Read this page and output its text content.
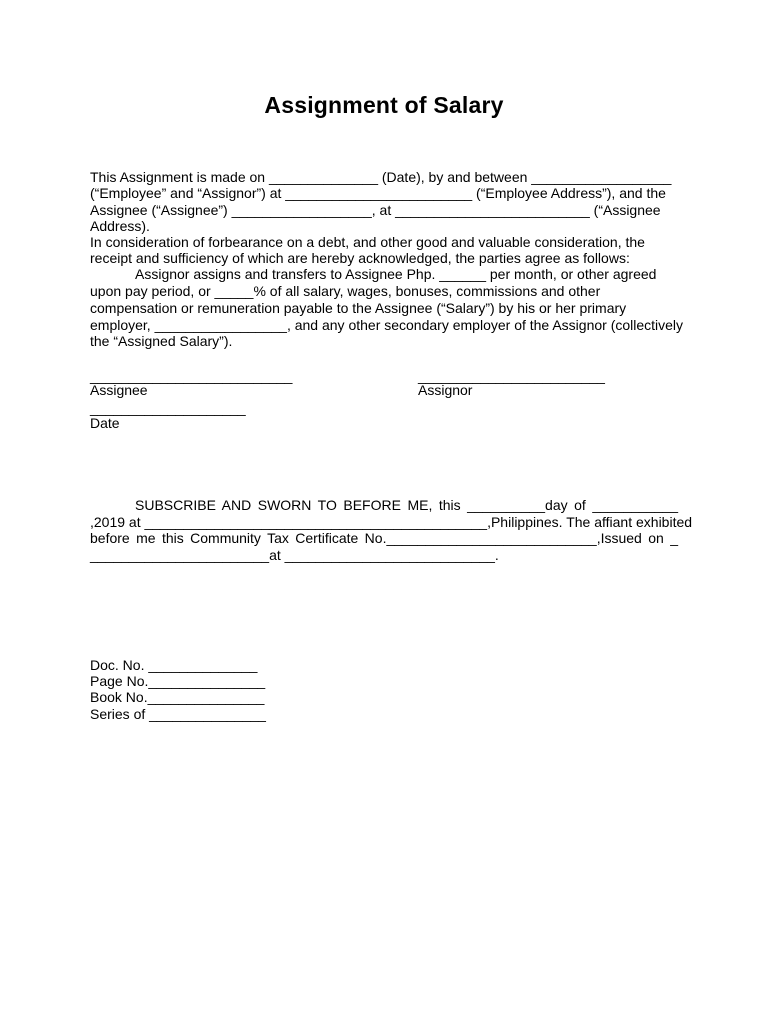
Assignment of Salary
This Assignment is made on ______________ (Date), by and between __________________
(“Employee” and “Assignor”) at ________________________ (“Employee Address”), and the
Assignee (“Assignee”) __________________, at _________________________ (“Assignee
Address).
In consideration of forbearance on a debt, and other good and valuable consideration, the
receipt and sufficiency of which are hereby acknowledged, the parties agree as follows:
Assignor assigns and transfers to Assignee Php. ______ per month, or other agreed
upon pay period, or _____% of all salary, wages, bonuses, commissions and other
compensation or remuneration payable to the Assignee (“Salary”) by his or her primary
employer, _________________, and any other secondary employer of the Assignor (collectively
the “Assigned Salary”).
__________________________
Assignee
________________________
Assignor
____________________
Date
SUBSCRIBE AND SWORN TO BEFORE ME, this __________day of ___________
,2019 at ____________________________________________,Philippines. The affiant exhibited
before me this Community Tax Certificate No.___________________________,Issued on _
_______________________at ___________________________.
Doc. No. ______________
Page No._______________
Book No._______________
Series of _______________
